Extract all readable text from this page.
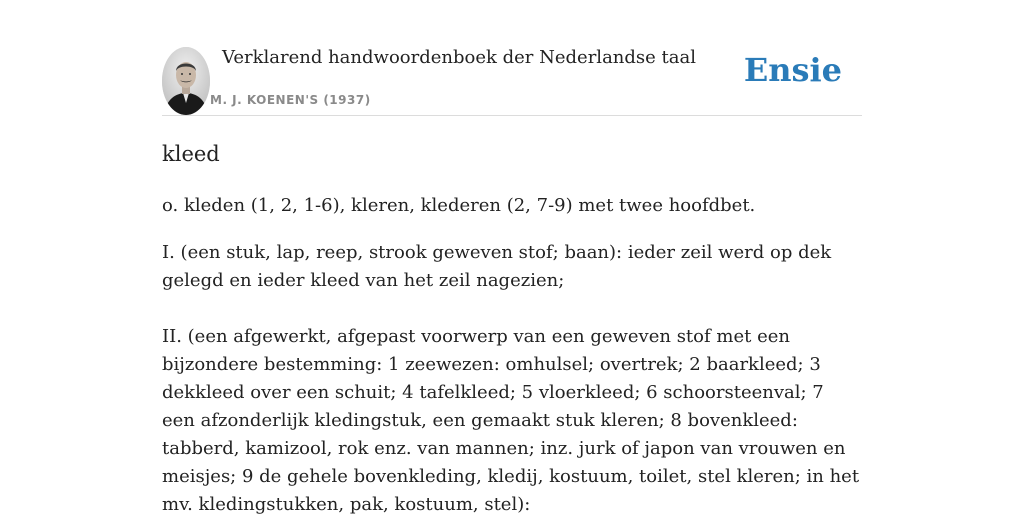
Verklarend handwoordenboek der Nederlandse taal
M. J. KOENEN'S (1937)
Ensie
kleed

o. kleden (1, 2, 1-6), kleren, klederen (2, 7-9) met twee hoofdbet.

I. (een stuk, lap, reep, strook geweven stof; baan): ieder zeil werd op dek gelegd en ieder kleed van het zeil nagezien;

II. (een afgewerkt, afgepast voorwerp van een geweven stof met een bijzondere bestemming: 1 zeewezen: omhulsel; overtrek; 2 baarkleed; 3 dekkleed over een schuit; 4 tafelkleed; 5 vloerkleed; 6 schoorsteenval; 7 een afzonderlijk kledingstuk, een gemaakt stuk kleren; 8 bovenkleed: tabberd, kamizool, rok enz. van mannen; inz. jurk of japon van vrouwen en meisjes; 9 de gehele bovenkleding, kledij, kostuum, toilet, stel kleren; in het mv. kledingstukken, pak, kostuum, stel):
